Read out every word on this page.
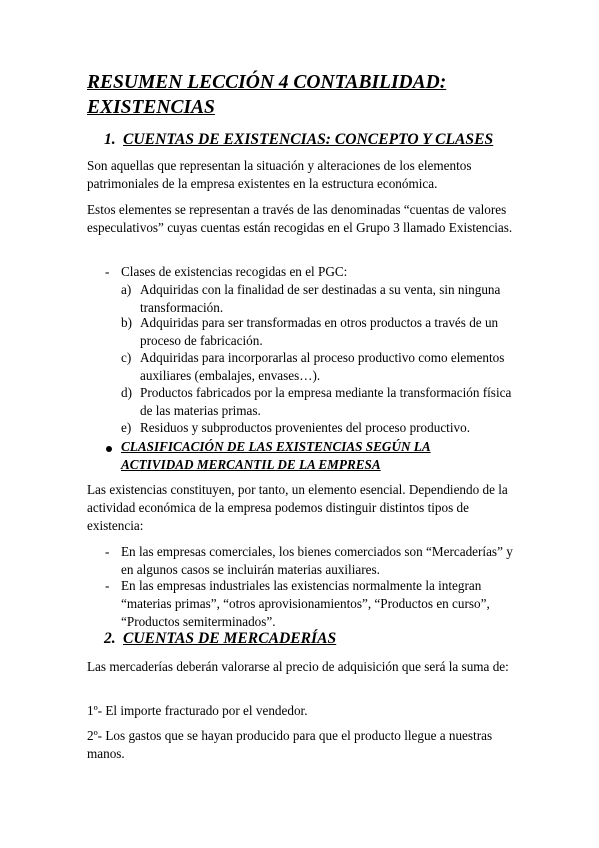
RESUMEN LECCIÓN 4 CONTABILIDAD: EXISTENCIAS

1. CUENTAS DE EXISTENCIAS: CONCEPTO Y CLASES

Son aquellas que representan la situación y alteraciones de los elementos patrimoniales de la empresa existentes en la estructura económica.

Estos elementes se representan a través de las denominadas “cuentas de valores especulativos” cuyas cuentas están recogidas en el Grupo 3 llamado Existencias.

- Clases de existencias recogidas en el PGC:
a) Adquiridas con la finalidad de ser destinadas a su venta, sin ninguna transformación.
b) Adquiridas para ser transformadas en otros productos a través de un proceso de fabricación.
c) Adquiridas para incorporarlas al proceso productivo como elementos auxiliares (embalajes, envases…).
d) Productos fabricados por la empresa mediante la transformación física de las materias primas.
e) Residuos y subproductos provenientes del proceso productivo.

CLASIFICACIÓN DE LAS EXISTENCIAS SEGÚN LA ACTIVIDAD MERCANTIL DE LA EMPRESA

Las existencias constituyen, por tanto, un elemento esencial. Dependiendo de la actividad económica de la empresa podemos distinguir distintos tipos de existencia:

- En las empresas comerciales, los bienes comerciados son “Mercaderías” y en algunos casos se incluirán materias auxiliares.
- En las empresas industriales las existencias normalmente la integran “materias primas”, “otros aprovisionamientos”, “Productos en curso”, “Productos semiterminados”.
2. CUENTAS DE MERCADERÍAS

Las mercaderías deberán valorarse al precio de adquisición que será la suma de:

1º- El importe fracturado por el vendedor.

2º- Los gastos que se hayan producido para que el producto llegue a nuestras manos.
